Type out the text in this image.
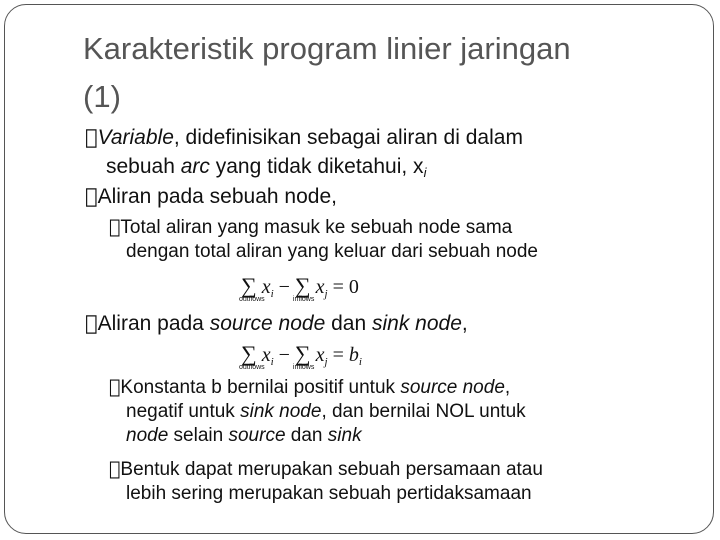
Karakteristik program linier jaringan
(1)
Variable, didefinisikan sebagai aliran di dalam
sebuah arc yang tidak diketahui, xi
Aliran pada sebuah node,
Total aliran yang masuk ke sebuah node sama
dengan total aliran yang keluar dari sebuah node
∑
outflows
$x_i$ − ∑
inflows
$x_j = 0$
Aliran pada source node dan sink node,
∑
outflows
$x_i$ − ∑
inflows
$x_j = b_i$
Konstanta b bernilai positif untuk source node,
negatif untuk sink node, dan bernilai NOL untuk
node selain source dan sink
Bentuk dapat merupakan sebuah persamaan atau
lebih sering merupakan sebuah pertidaksamaan
